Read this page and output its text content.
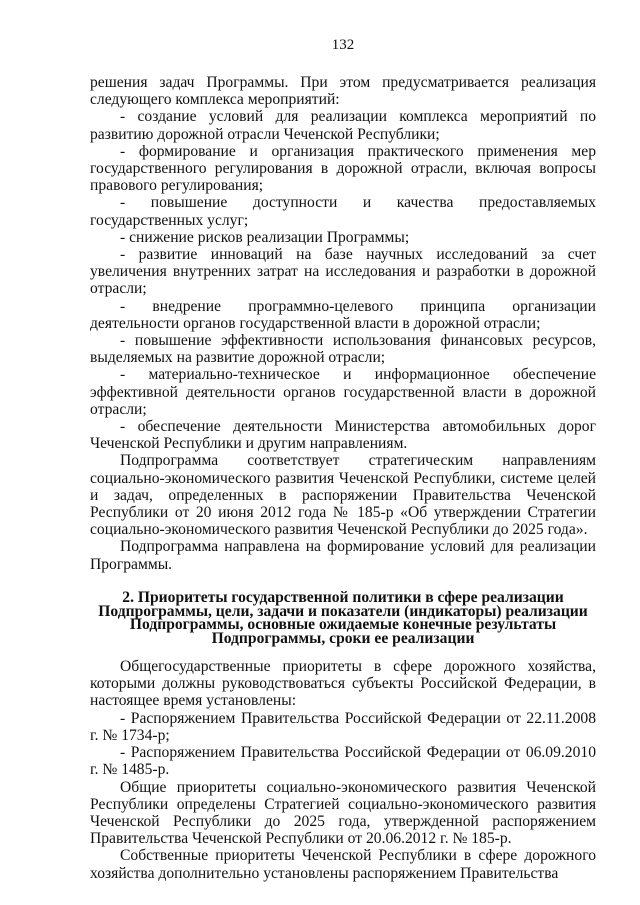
132

решения задач Программы. При этом предусматривается реализация следующего комплекса мероприятий:

- создание условий для реализации комплекса мероприятий по развитию дорожной отрасли Чеченской Республики;

- формирование и организация практического применения мер государственного регулирования в дорожной отрасли, включая вопросы правового регулирования;

- повышение доступности и качества предоставляемых государственных услуг;

- снижение рисков реализации Программы;

- развитие инноваций на базе научных исследований за счет увеличения внутренних затрат на исследования и разработки в дорожной отрасли;

- внедрение программно-целевого принципа организации деятельности органов государственной власти в дорожной отрасли;

- повышение эффективности использования финансовых ресурсов, выделяемых на развитие дорожной отрасли;

- материально-техническое и информационное обеспечение эффективной деятельности органов государственной власти в дорожной отрасли;

- обеспечение деятельности Министерства автомобильных дорог Чеченской Республики и другим направлениям.

Подпрограмма соответствует стратегическим направлениям социально-экономического развития Чеченской Республики, системе целей и задач, определенных в распоряжении Правительства Чеченской Республики от 20 июня 2012 года № 185-р «Об утверждении Стратегии социально-экономического развития Чеченской Республики до 2025 года».

Подпрограмма направлена на формирование условий для реализации Программы.

2. Приоритеты государственной политики в сфере реализации
Подпрограммы, цели, задачи и показатели (индикаторы) реализации
Подпрограммы, основные ожидаемые конечные результаты
Подпрограммы, сроки ее реализации

Общегосударственные приоритеты в сфере дорожного хозяйства, которыми должны руководствоваться субъекты Российской Федерации, в настоящее время установлены:

- Распоряжением Правительства Российской Федерации от 22.11.2008 г. № 1734-р;

- Распоряжением Правительства Российской Федерации от 06.09.2010 г. № 1485-р.

Общие приоритеты социально-экономического развития Чеченской Республики определены Стратегией социально-экономического развития Чеченской Республики до 2025 года, утвержденной распоряжением Правительства Чеченской Республики от 20.06.2012 г. № 185-р.

Собственные приоритеты Чеченской Республики в сфере дорожного хозяйства дополнительно установлены распоряжением Правительства
